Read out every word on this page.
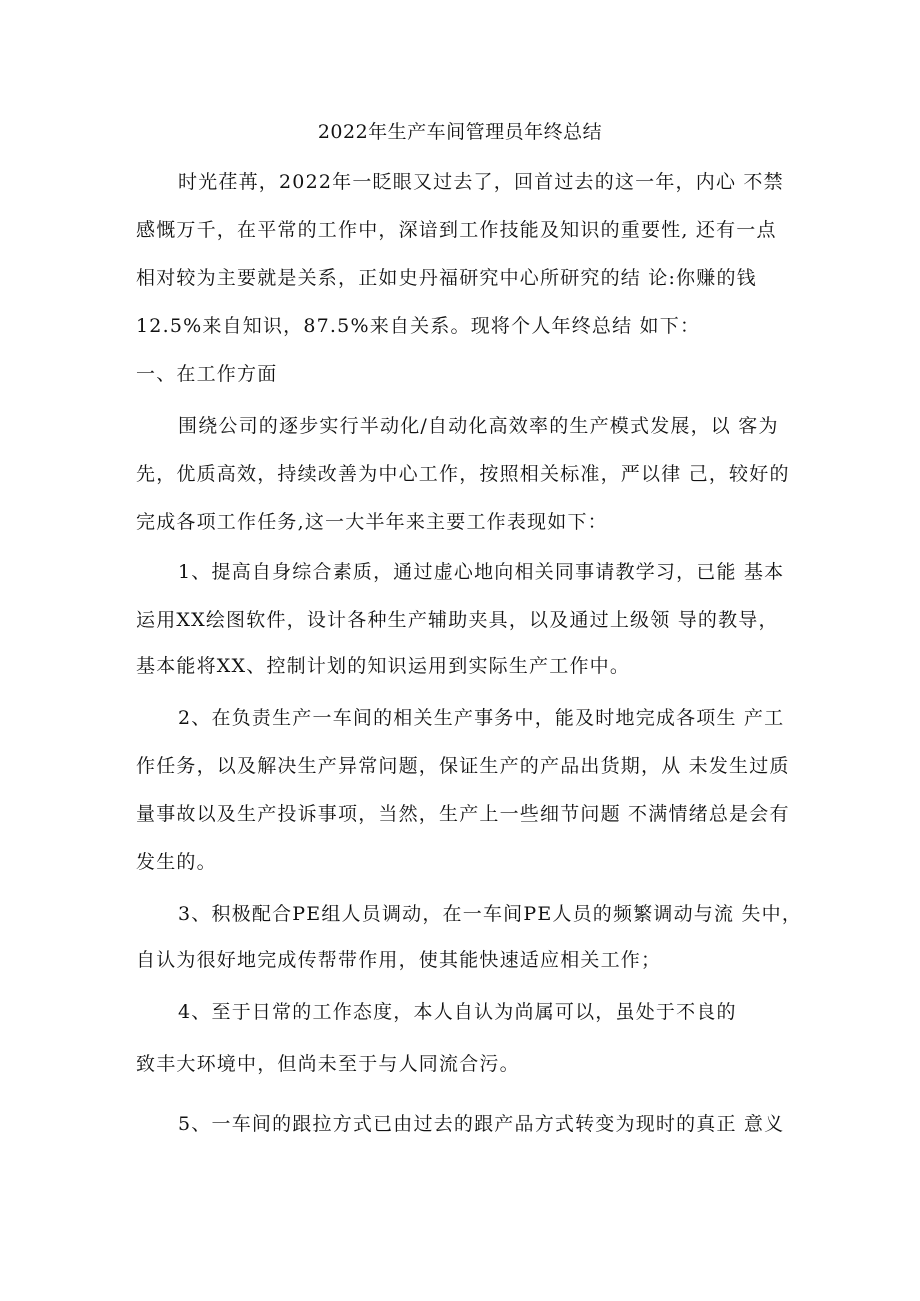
2022年生产车间管理员年终总结
时光荏苒，2022年一眨眼又过去了，回首过去的这一年，内心 不禁
感慨万千，在平常的工作中，深谙到工作技能及知识的重要性, 还有一点
相对较为主要就是关系，正如史丹福研究中心所研究的结 论:你赚的钱
12.5%来自知识，87.5%来自关系。现将个人年终总结 如下：
一、在工作方面
围绕公司的逐步实行半动化/自动化高效率的生产模式发展，以 客为
先，优质高效，持续改善为中心工作，按照相关标准，严以律 己，较好的
完成各项工作任务,这一大半年来主要工作表现如下：
1、提高自身综合素质，通过虚心地向相关同事请教学习，已能 基本
运用XX绘图软件，设计各种生产辅助夹具，以及通过上级领 导的教导，
基本能将XX、控制计划的知识运用到实际生产工作中。
2、在负责生产一车间的相关生产事务中，能及时地完成各项生 产工
作任务，以及解决生产异常问题，保证生产的产品出货期，从 未发生过质
量事故以及生产投诉事项，当然，生产上一些细节问题 不满情绪总是会有
发生的。
3、积极配合PE组人员调动，在一车间PE人员的频繁调动与流 失中，
自认为很好地完成传帮带作用，使其能快速适应相关工作；
4、至于日常的工作态度，本人自认为尚属可以，虽处于不良的
致丰大环境中，但尚未至于与人同流合污。
5、一车间的跟拉方式已由过去的跟产品方式转变为现时的真正 意义
